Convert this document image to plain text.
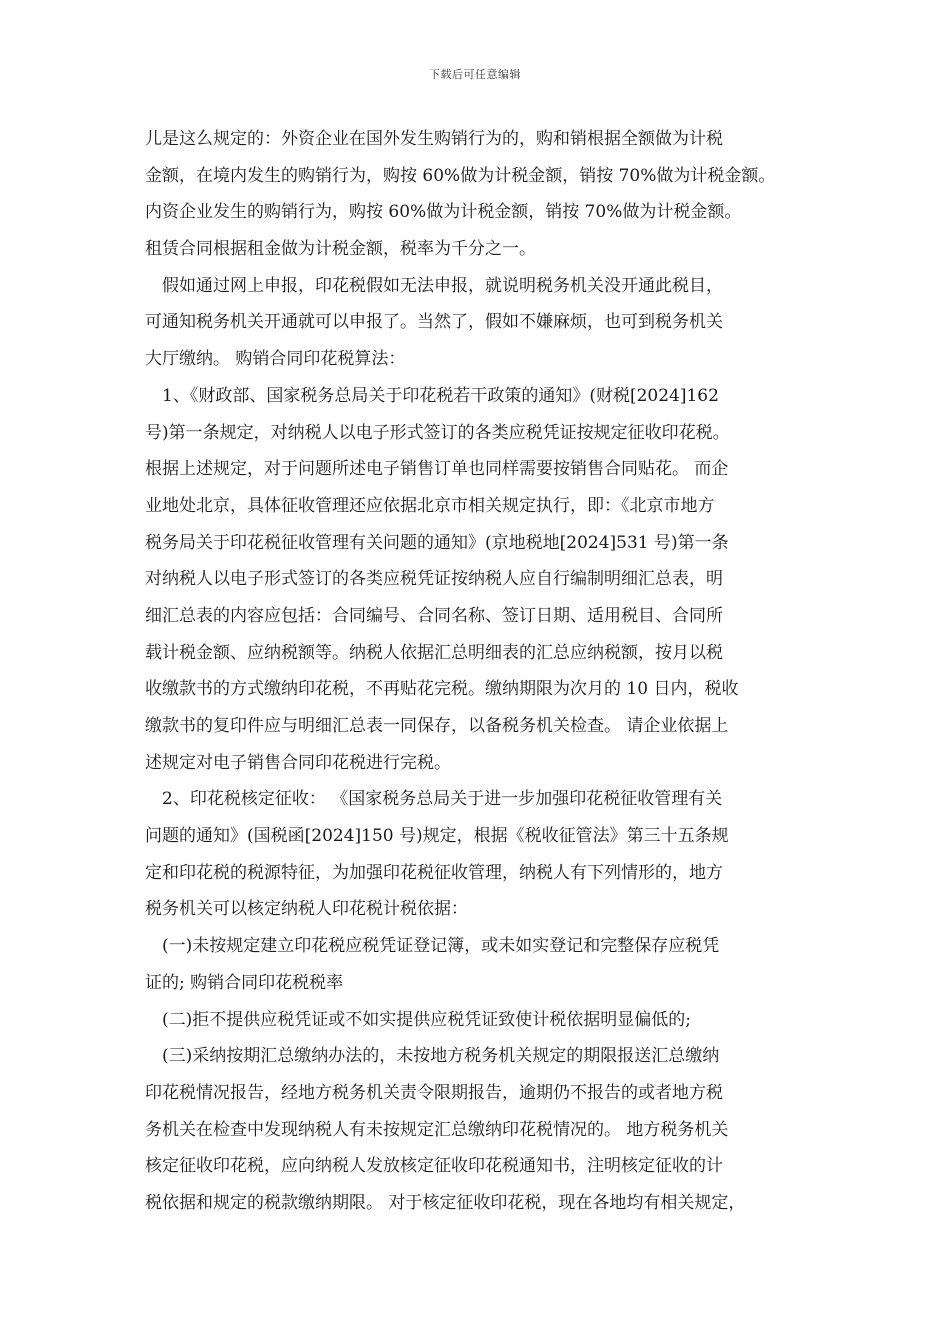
下载后可任意编辑
儿是这么规定的：外资企业在国外发生购销行为的，购和销根据全额做为计税
金额，在境内发生的购销行为，购按 60%做为计税金额，销按 70%做为计税金额。
内资企业发生的购销行为，购按 60%做为计税金额，销按 70%做为计税金额。
租赁合同根据租金做为计税金额，税率为千分之一。
　假如通过网上申报，印花税假如无法申报，就说明税务机关没开通此税目，
可通知税务机关开通就可以申报了。当然了，假如不嫌麻烦，也可到税务机关
大厅缴纳。 购销合同印花税算法：
　1、《财政部、国家税务总局关于印花税若干政策的通知》(财税[2024]162
号)第一条规定，对纳税人以电子形式签订的各类应税凭证按规定征收印花税。
根据上述规定，对于问题所述电子销售订单也同样需要按销售合同贴花。 而企
业地处北京，具体征收管理还应依据北京市相关规定执行，即：《北京市地方
税务局关于印花税征收管理有关问题的通知》(京地税地[2024]531 号)第一条
对纳税人以电子形式签订的各类应税凭证按纳税人应自行编制明细汇总表，明
细汇总表的内容应包括：合同编号、合同名称、签订日期、适用税目、合同所
载计税金额、应纳税额等。纳税人依据汇总明细表的汇总应纳税额，按月以税
收缴款书的方式缴纳印花税，不再贴花完税。缴纳期限为次月的 10 日内，税收
缴款书的复印件应与明细汇总表一同保存，以备税务机关检查。 请企业依据上
述规定对电子销售合同印花税进行完税。
　2、印花税核定征收： 《国家税务总局关于进一步加强印花税征收管理有关
问题的通知》(国税函[2024]150 号)规定，根据《税收征管法》第三十五条规
定和印花税的税源特征，为加强印花税征收管理，纳税人有下列情形的，地方
税务机关可以核定纳税人印花税计税依据：
　(一)未按规定建立印花税应税凭证登记簿，或未如实登记和完整保存应税凭
证的; 购销合同印花税税率
　(二)拒不提供应税凭证或不如实提供应税凭证致使计税依据明显偏低的;
　(三)采纳按期汇总缴纳办法的，未按地方税务机关规定的期限报送汇总缴纳
印花税情况报告，经地方税务机关责令限期报告，逾期仍不报告的或者地方税
务机关在检查中发现纳税人有未按规定汇总缴纳印花税情况的。 地方税务机关
核定征收印花税，应向纳税人发放核定征收印花税通知书，注明核定征收的计
税依据和规定的税款缴纳期限。 对于核定征收印花税，现在各地均有相关规定，
